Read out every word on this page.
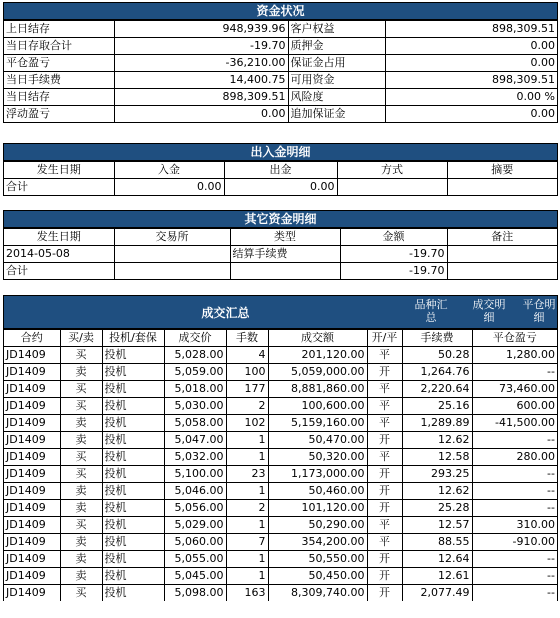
资金状况
上日结存	948,939.96	客户权益	898,309.51
当日存取合计	-19.70	质押金	0.00
平仓盈亏	-36,210.00	保证金占用	0.00
当日手续费	14,400.75	可用资金	898,309.51
当日结存	898,309.51	风险度	0.00 %
浮动盈亏	0.00	追加保证金	0.00
出入金明细
发生日期	入金	出金	方式	摘要
合计	0.00	0.00		
其它资金明细
发生日期	交易所	类型	金额	备注
2014-05-08		结算手续费	-19.70	
合计			-19.70	
成交汇总
品种汇总
成交明细
平仓明细
合约	买/卖	投机/套保	成交价	手数	成交额	开/平	手续费	平仓盈亏
JD1409	买	投机	5,028.00	4	201,120.00	平	50.28	1,280.00
JD1409	卖	投机	5,059.00	100	5,059,000.00	开	1,264.76	--
JD1409	买	投机	5,018.00	177	8,881,860.00	平	2,220.64	73,460.00
JD1409	买	投机	5,030.00	2	100,600.00	平	25.16	600.00
JD1409	卖	投机	5,058.00	102	5,159,160.00	平	1,289.89	-41,500.00
JD1409	卖	投机	5,047.00	1	50,470.00	开	12.62	--
JD1409	买	投机	5,032.00	1	50,320.00	平	12.58	280.00
JD1409	买	投机	5,100.00	23	1,173,000.00	开	293.25	--
JD1409	卖	投机	5,046.00	1	50,460.00	开	12.62	--
JD1409	卖	投机	5,056.00	2	101,120.00	开	25.28	--
JD1409	买	投机	5,029.00	1	50,290.00	平	12.57	310.00
JD1409	卖	投机	5,060.00	7	354,200.00	平	88.55	-910.00
JD1409	卖	投机	5,055.00	1	50,550.00	开	12.64	--
JD1409	卖	投机	5,045.00	1	50,450.00	开	12.61	--
JD1409	买	投机	5,098.00	163	8,309,740.00	开	2,077.49	--
